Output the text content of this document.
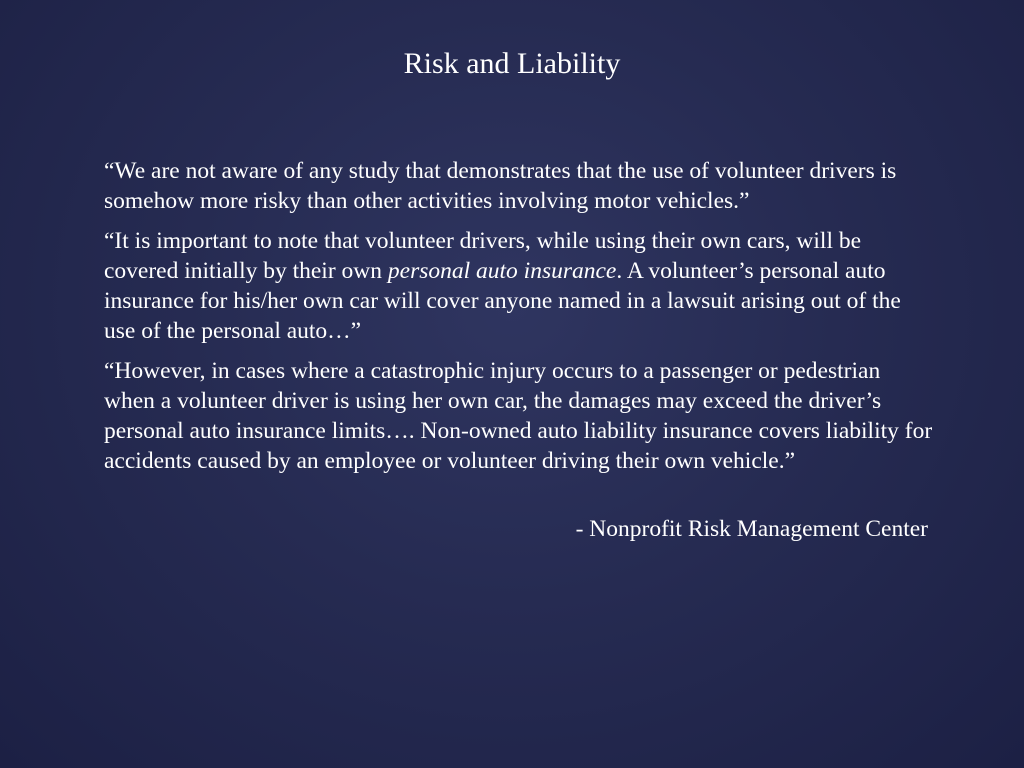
Risk and Liability

“We are not aware of any study that demonstrates that the use of volunteer drivers is somehow more risky than other activities involving motor vehicles.”

“It is important to note that volunteer drivers, while using their own cars, will be covered initially by their own personal auto insurance. A volunteer’s personal auto insurance for his/her own car will cover anyone named in a lawsuit arising out of the use of the personal auto…”

“However, in cases where a catastrophic injury occurs to a passenger or pedestrian when a volunteer driver is using her own car, the damages may exceed the driver’s personal auto insurance limits…. Non-owned auto liability insurance covers liability for accidents caused by an employee or volunteer driving their own vehicle.”

- Nonprofit Risk Management Center
